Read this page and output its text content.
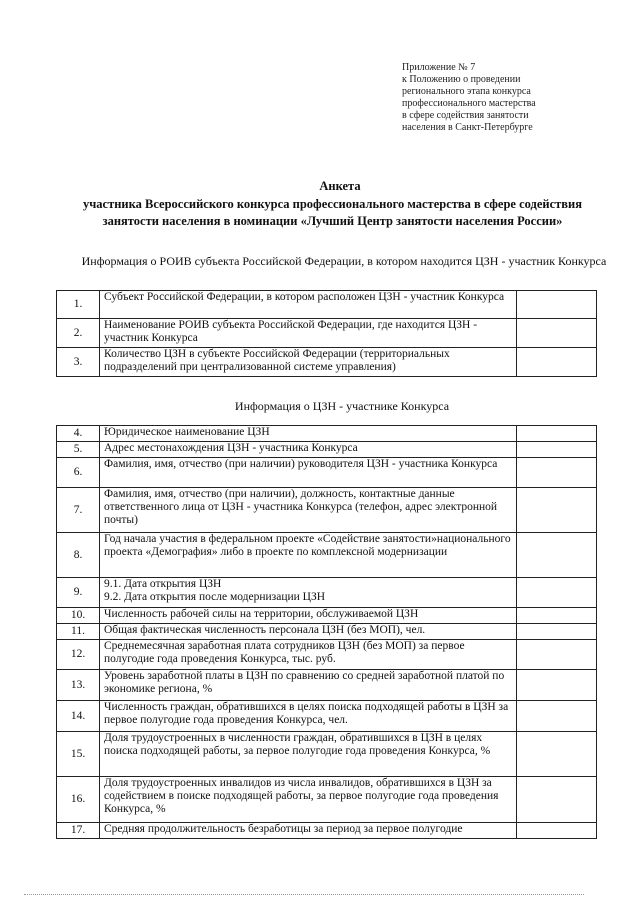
Приложение № 7
к Положению о проведении
регионального этапа конкурса
профессионального мастерства
в сфере содействия занятости
населения в Санкт-Петербурге
Анкета
участника Всероссийского конкурса профессионального мастерства в сфере содействия занятости населения в номинации «Лучший Центр занятости населения России»
Информация о РОИВ субъекта Российской Федерации, в котором находится ЦЗН - участник Конкурса
1.	Субъект Российской Федерации, в котором расположен ЦЗН - участник Конкурса	
2.	Наименование РОИВ субъекта Российской Федерации, где находится ЦЗН - участник Конкурса	
3.	Количество ЦЗН в субъекте Российской Федерации (территориальных подразделений при централизованной системе управления)	
Информация о ЦЗН - участнике Конкурса
4.	Юридическое наименование ЦЗН	
5.	Адрес местонахождения ЦЗН - участника Конкурса	
6.	Фамилия, имя, отчество (при наличии) руководителя ЦЗН - участника Конкурса	
7.	Фамилия, имя, отчество (при наличии), должность, контактные данные ответственного лица от ЦЗН - участника Конкурса (телефон, адрес электронной почты)	
8.	Год начала участия в федеральном проекте «Содействие занятости»национального проекта «Демография» либо в проекте по комплексной модернизации	
9.	9.1. Дата открытия ЦЗН
9.2. Дата открытия после модернизации ЦЗН	
10.	Численность рабочей силы на территории, обслуживаемой ЦЗН	
11.	Общая фактическая численность персонала ЦЗН (без МОП), чел.	
12.	Среднемесячная заработная плата сотрудников ЦЗН (без МОП) за первое полугодие года проведения Конкурса, тыс. руб.	
13.	Уровень заработной платы в ЦЗН по сравнению со средней заработной платой по экономике региона, %	
14.	Численность граждан, обратившихся в целях поиска подходящей работы в ЦЗН за первое полугодие года проведения Конкурса, чел.	
15.	Доля трудоустроенных в численности граждан, обратившихся в ЦЗН в целях поиска подходящей работы, за первое полугодие года проведения Конкурса, %	
16.	Доля трудоустроенных инвалидов из числа инвалидов, обратившихся в ЦЗН за содействием в поиске подходящей работы, за первое полугодие года проведения Конкурса, %	
17.	Средняя продолжительность безработицы за период за первое полугодие	
